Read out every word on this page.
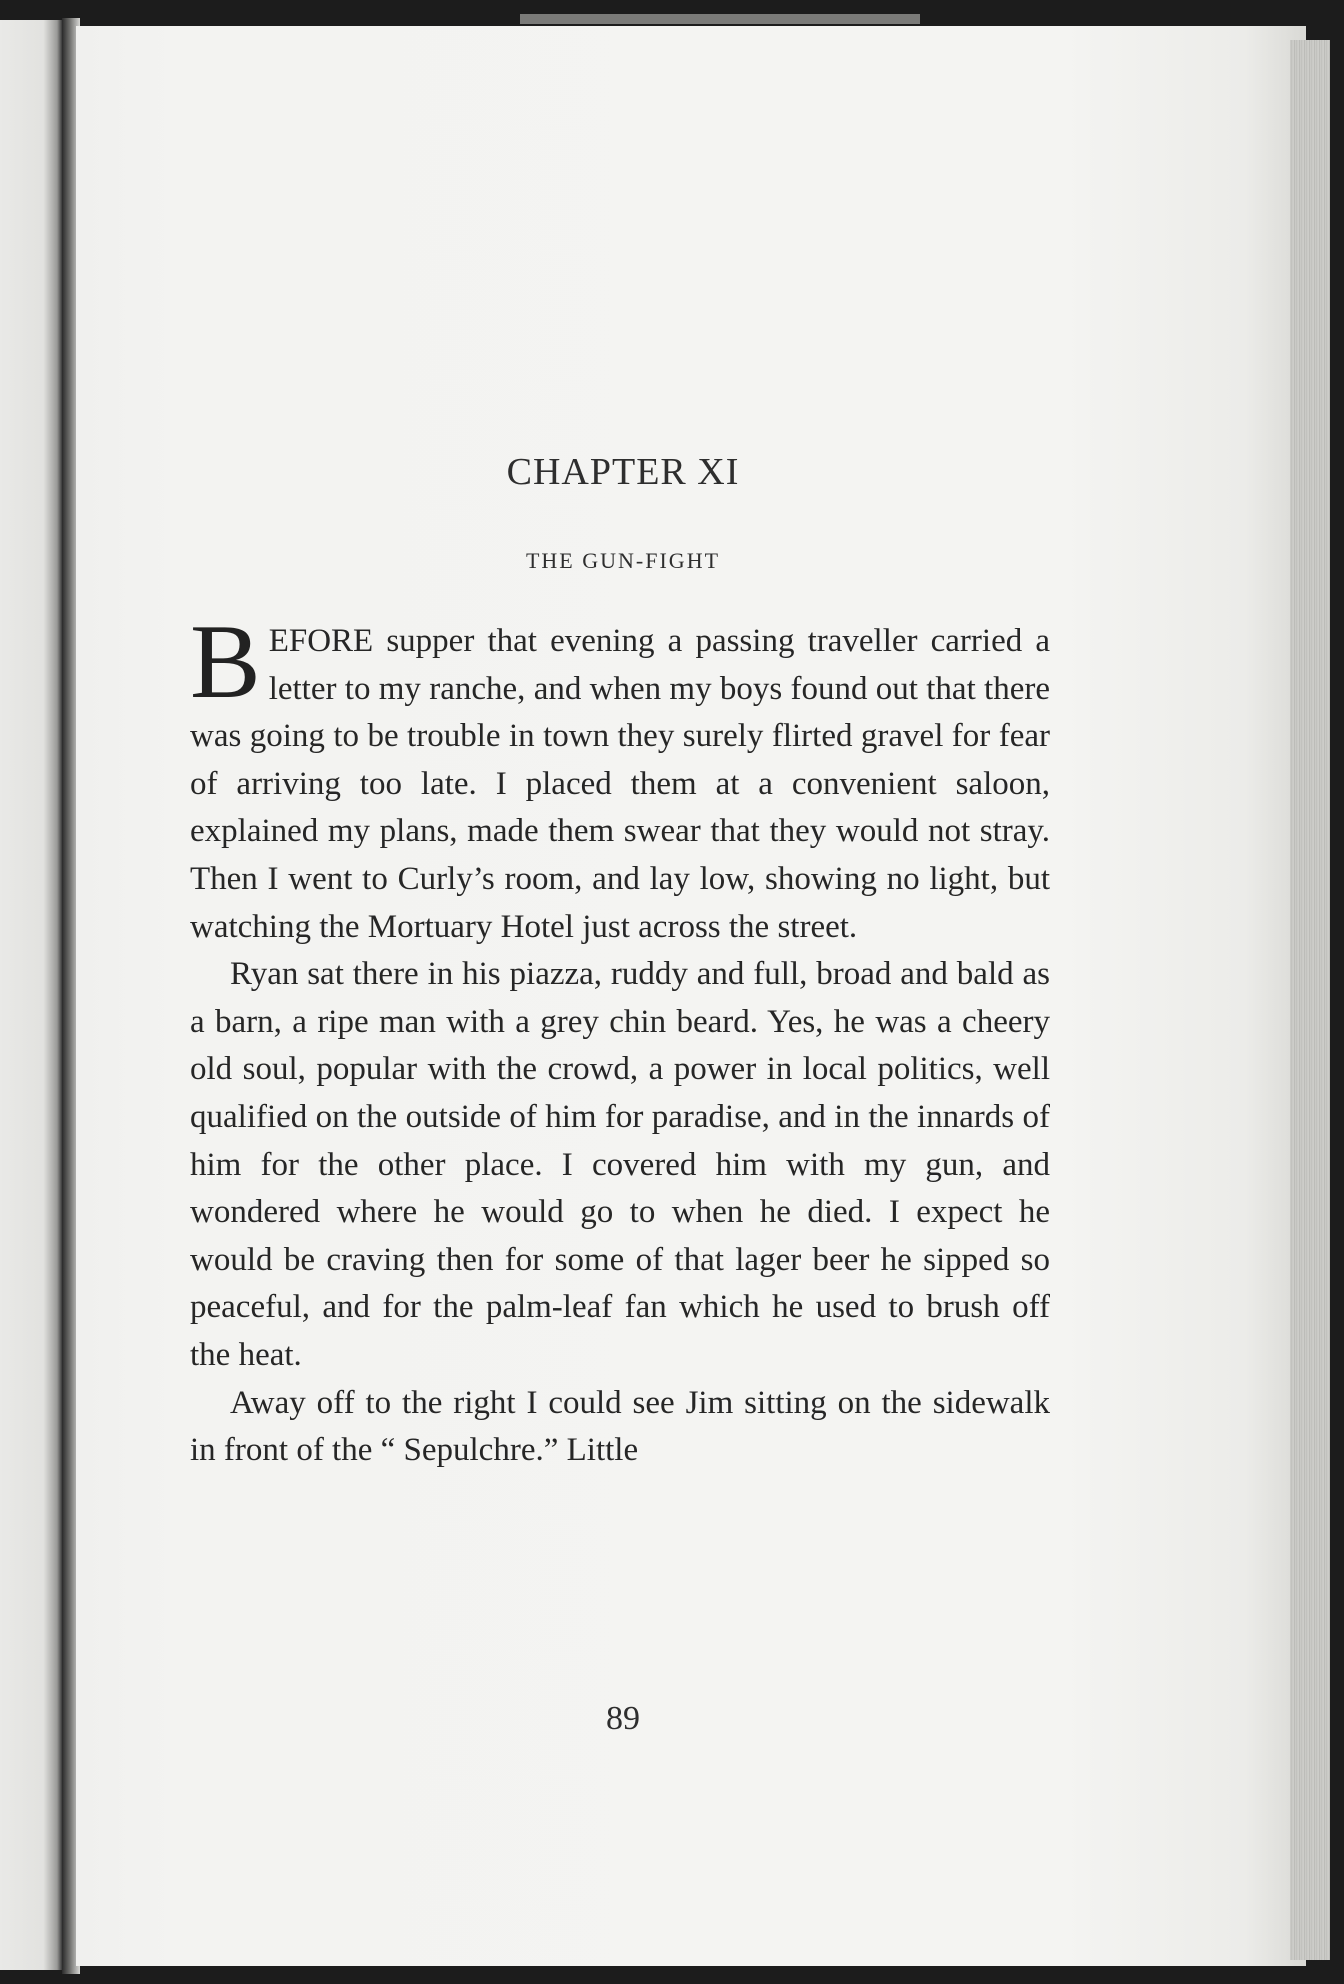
CHAPTER XI
THE GUN-FIGHT

BEFORE supper that evening a passing traveller carried a letter to my ranche, and when my boys found out that there was going to be trouble in town they surely flirted gravel for fear of arriving too late. I placed them at a convenient saloon, explained my plans, made them swear that they would not stray. Then I went to Curly’s room, and lay low, showing no light, but watching the Mortuary Hotel just across the street.

Ryan sat there in his piazza, ruddy and full, broad and bald as a barn, a ripe man with a grey chin beard. Yes, he was a cheery old soul, popular with the crowd, a power in local politics, well qualified on the outside of him for paradise, and in the innards of him for the other place. I covered him with my gun, and wondered where he would go to when he died. I expect he would be craving then for some of that lager beer he sipped so peaceful, and for the palm-leaf fan which he used to brush off the heat.

Away off to the right I could see Jim sitting on the sidewalk in front of the “ Sepulchre.” Little

89
